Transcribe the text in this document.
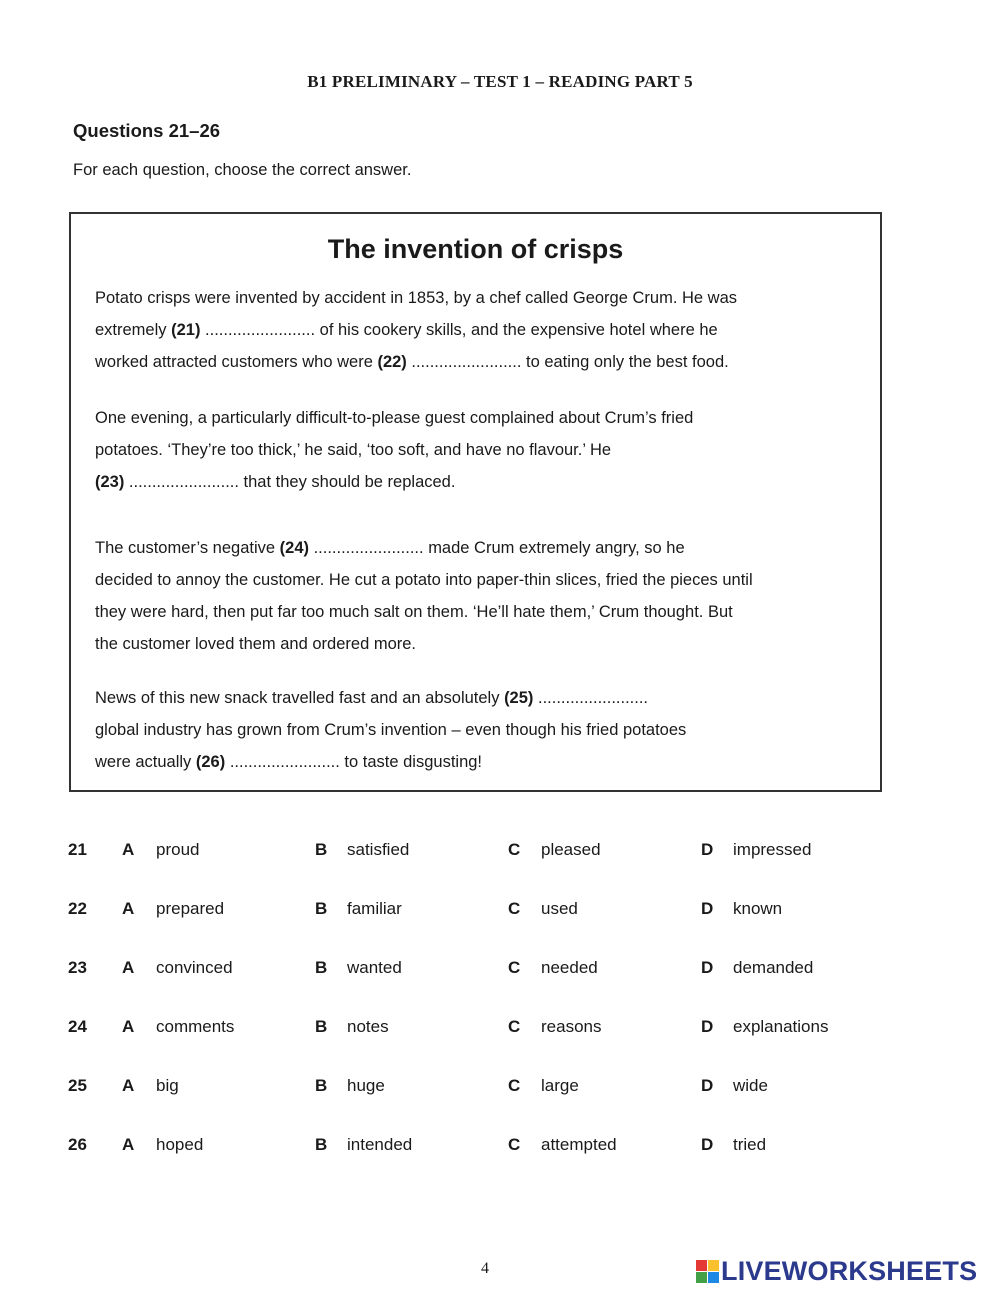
B1 PRELIMINARY – TEST 1 – READING PART 5
Questions 21–26
For each question, choose the correct answer.
The invention of crisps
Potato crisps were invented by accident in 1853, by a chef called George Crum. He was
extremely (21) ........................ of his cookery skills, and the expensive hotel where he
worked attracted customers who were (22) ........................ to eating only the best food.
One evening, a particularly difficult-to-please guest complained about Crum’s fried
potatoes. ‘They’re too thick,’ he said, ‘too soft, and have no flavour.’ He
(23) ........................ that they should be replaced.
The customer’s negative (24) ........................ made Crum extremely angry, so he
decided to annoy the customer. He cut a potato into paper-thin slices, fried the pieces until
they were hard, then put far too much salt on them. ‘He’ll hate them,’ Crum thought. But
the customer loved them and ordered more.
News of this new snack travelled fast and an absolutely (25) ........................
global industry has grown from Crum’s invention – even though his fried potatoes
were actually (26) ........................ to taste disgusting!
21 A proud	B satisfied	C pleased	D impressed
22 A prepared	B familiar	C used	D known
23 A convinced	B wanted	C needed	D demanded
24 A comments	B notes	C reasons	D explanations
25 A big	B huge	C large	D wide
26 A hoped	B intended	C attempted	D tried
4	LIVEWORKSHEETS
